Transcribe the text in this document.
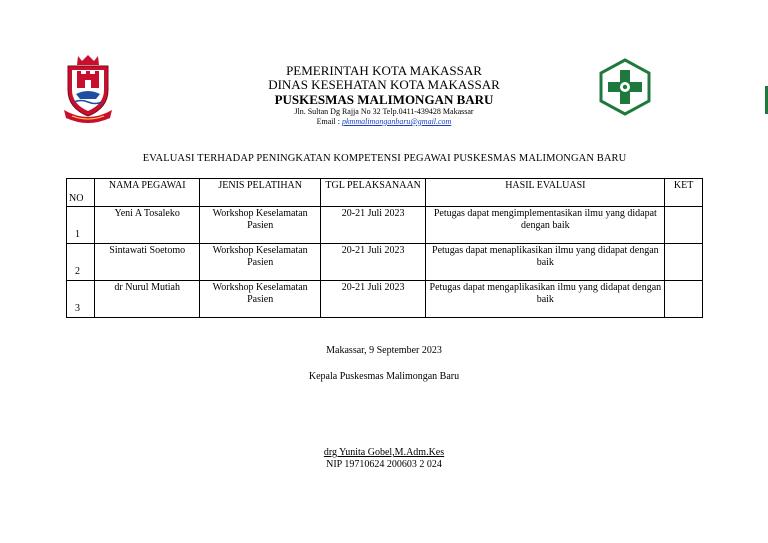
PEMERINTAH KOTA MAKASSAR
DINAS KESEHATAN KOTA MAKASSAR
PUSKESMAS MALIMONGAN BARU
Jln. Sultan Dg Rajja No 32 Telp.0411-439428 Makassar
Email : pkmmalimonganbaru@gmail.com
EVALUASI TERHADAP PENINGKATAN KOMPETENSI PEGAWAI PUSKESMAS MALIMONGAN BARU
NO	NAMA PEGAWAI	JENIS PELATIHAN	TGL PELAKSANAAN	HASIL EVALUASI	KET
1	Yeni A Tosaleko	Workshop Keselamatan Pasien	20-21 Juli 2023	Petugas dapat mengimplementasikan ilmu yang didapat dengan baik	
2	Sintawati Soetomo	Workshop Keselamatan Pasien	20-21 Juli 2023	Petugas dapat menaplikasikan ilmu yang didapat dengan baik	
3	dr Nurul Mutiah	Workshop Keselamatan Pasien	20-21 Juli 2023	Petugas dapat mengaplikasikan ilmu yang didapat dengan baik	
Makassar, 9 September 2023
Kepala Puskesmas Malimongan Baru
drg Yunita Gobel,M.Adm.Kes
NIP 19710624 200603 2 024
